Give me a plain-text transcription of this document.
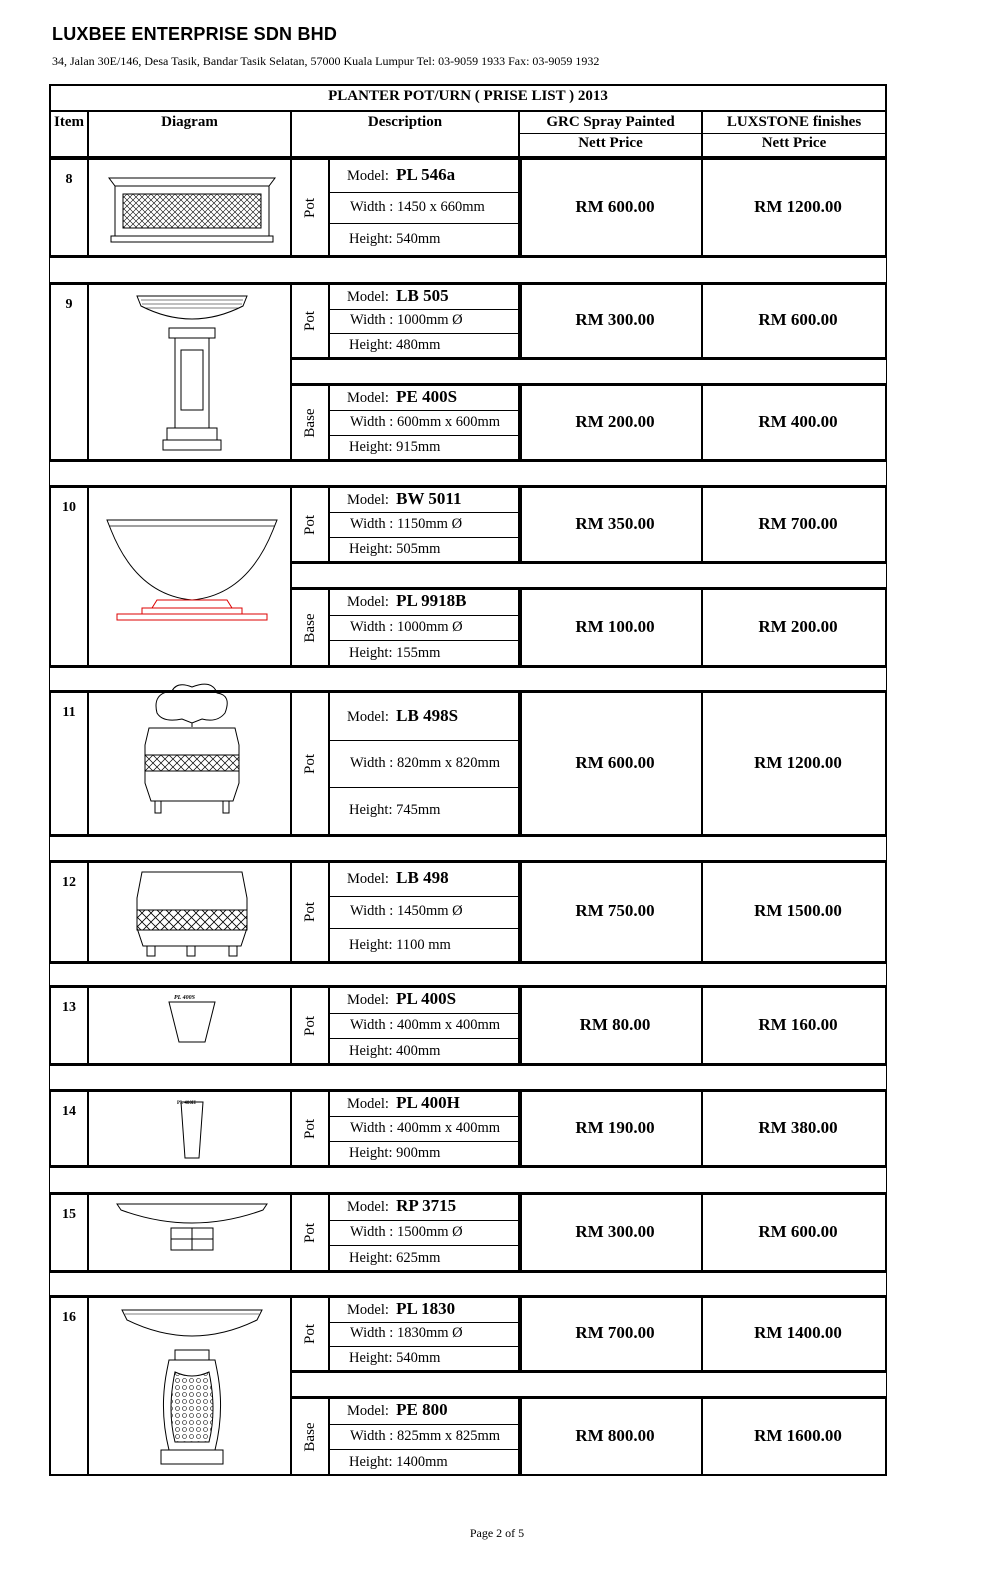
LUXBEE ENTERPRISE SDN BHD
34, Jalan 30E/146, Desa Tasik, Bandar Tasik Selatan, 57000 Kuala Lumpur Tel: 03-9059 1933 Fax: 03-9059 1932
PLANTER POT/URN ( PRISE LIST ) 2013
Item	Diagram	Description	GRC Spray Painted	LUXSTONE finishes
Nett Price	Nett Price
8
Pot
Model: PL 546a
Width : 1450 x 660mm
Height: 540mm
RM 600.00	RM 1200.00
9
Pot
Model: LB 505
Width : 1000mm Ø
Height: 480mm
RM 300.00	RM 600.00
Base
Model: PE 400S
Width : 600mm x 600mm
Height: 915mm
RM 200.00	RM 400.00
10
Pot
Model: BW 5011
Width : 1150mm Ø
Height: 505mm
RM 350.00	RM 700.00
Base
Model: PL 9918B
Width : 1000mm Ø
Height: 155mm
RM 100.00	RM 200.00
11
Pot
Model: LB 498S
Width : 820mm x 820mm
Height: 745mm
RM 600.00	RM 1200.00
12
Pot
Model: LB 498
Width : 1450mm Ø
Height: 1100 mm
RM 750.00	RM 1500.00
13
Pot
Model: PL 400S
Width : 400mm x 400mm
Height: 400mm
RM 80.00	RM 160.00
14
Pot
Model: PL 400H
Width : 400mm x 400mm
Height: 900mm
RM 190.00	RM 380.00
15
Pot
Model: RP 3715
Width : 1500mm Ø
Height: 625mm
RM 300.00	RM 600.00
16
Pot
Model: PL 1830
Width : 1830mm Ø
Height: 540mm
RM 700.00	RM 1400.00
Base
Model: PE 800
Width : 825mm x 825mm
Height: 1400mm
RM 800.00	RM 1600.00
PL 400S
PL 400H
Page 2 of 5
